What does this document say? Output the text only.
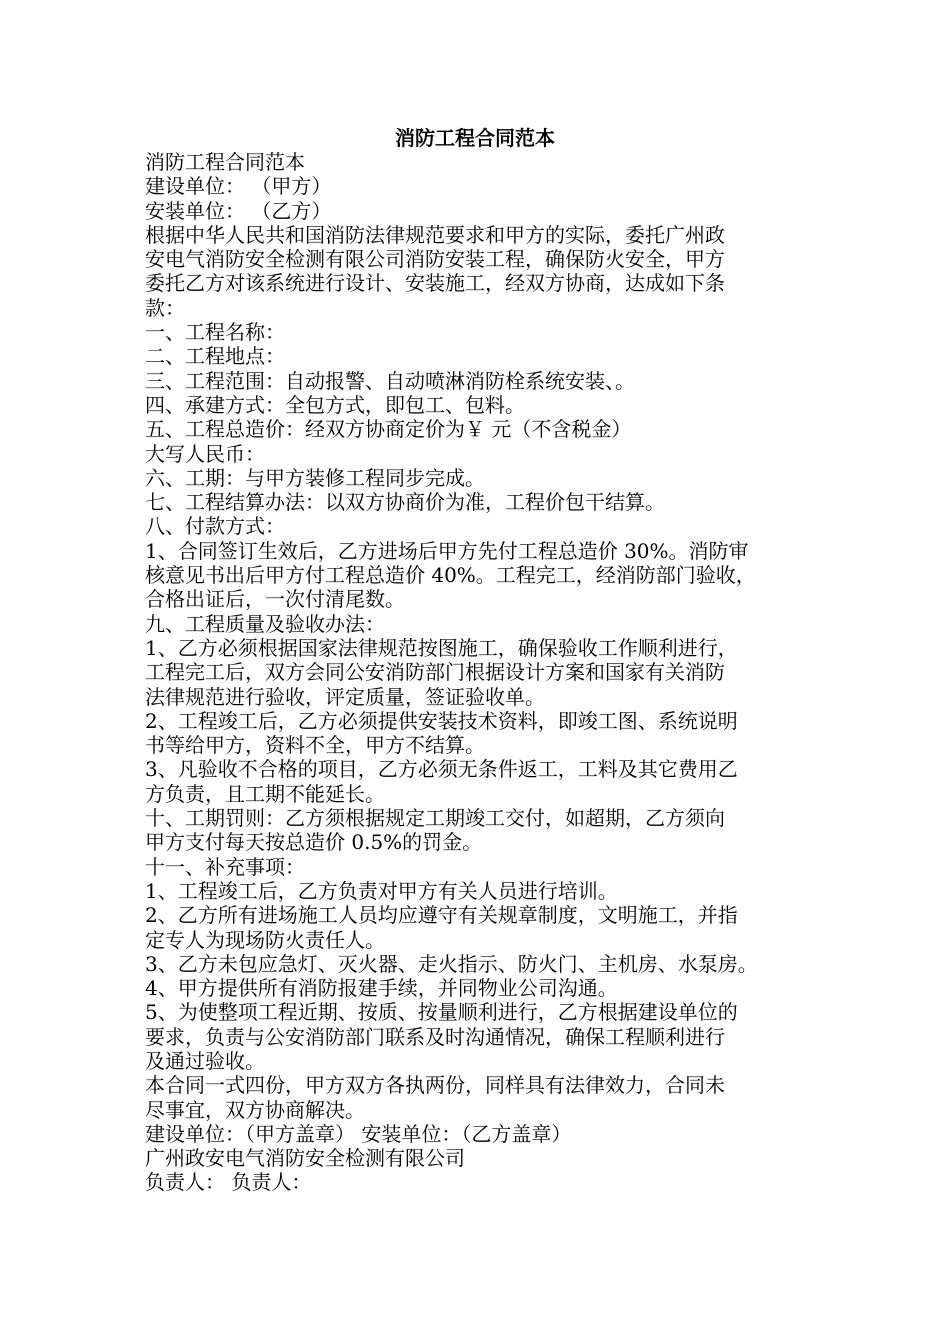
消防工程合同范本
消防工程合同范本
建设单位： （甲方）
安装单位： （乙方）
根据中华人民共和国消防法律规范要求和甲方的实际，委托广州政
安电气消防安全检测有限公司消防安装工程，确保防火安全，甲方
委托乙方对该系统进行设计、安装施工，经双方协商，达成如下条
款：
一、工程名称：
二、工程地点：
三、工程范围：自动报警、自动喷淋消防栓系统安装、。
四、承建方式：全包方式，即包工、包料。
五、工程总造价：经双方协商定价为￥ 元（不含税金）
大写人民币：
六、工期：与甲方装修工程同步完成。
七、工程结算办法：以双方协商价为准，工程价包干结算。
八、付款方式：
1、合同签订生效后，乙方进场后甲方先付工程总造价 30%。消防审
核意见书出后甲方付工程总造价 40%。工程完工，经消防部门验收，
合格出证后，一次付清尾数。
九、工程质量及验收办法：
1、乙方必须根据国家法律规范按图施工，确保验收工作顺利进行，
工程完工后，双方会同公安消防部门根据设计方案和国家有关消防
法律规范进行验收，评定质量，签证验收单。
2、工程竣工后，乙方必须提供安装技术资料，即竣工图、系统说明
书等给甲方，资料不全，甲方不结算。
3、凡验收不合格的项目，乙方必须无条件返工，工料及其它费用乙
方负责，且工期不能延长。
十、工期罚则：乙方须根据规定工期竣工交付，如超期，乙方须向
甲方支付每天按总造价 0.5%的罚金。
十一、补充事项：
1、工程竣工后，乙方负责对甲方有关人员进行培训。
2、乙方所有进场施工人员均应遵守有关规章制度，文明施工，并指
定专人为现场防火责任人。
3、乙方未包应急灯、灭火器、走火指示、防火门、主机房、水泵房。
4、甲方提供所有消防报建手续，并同物业公司沟通。
5、为使整项工程近期、按质、按量顺利进行，乙方根据建设单位的
要求，负责与公安消防部门联系及时沟通情况，确保工程顺利进行
及通过验收。
本合同一式四份，甲方双方各执两份，同样具有法律效力，合同未
尽事宜，双方协商解决。
建设单位：（甲方盖章） 安装单位：（乙方盖章）
广州政安电气消防安全检测有限公司
负责人： 负责人：
